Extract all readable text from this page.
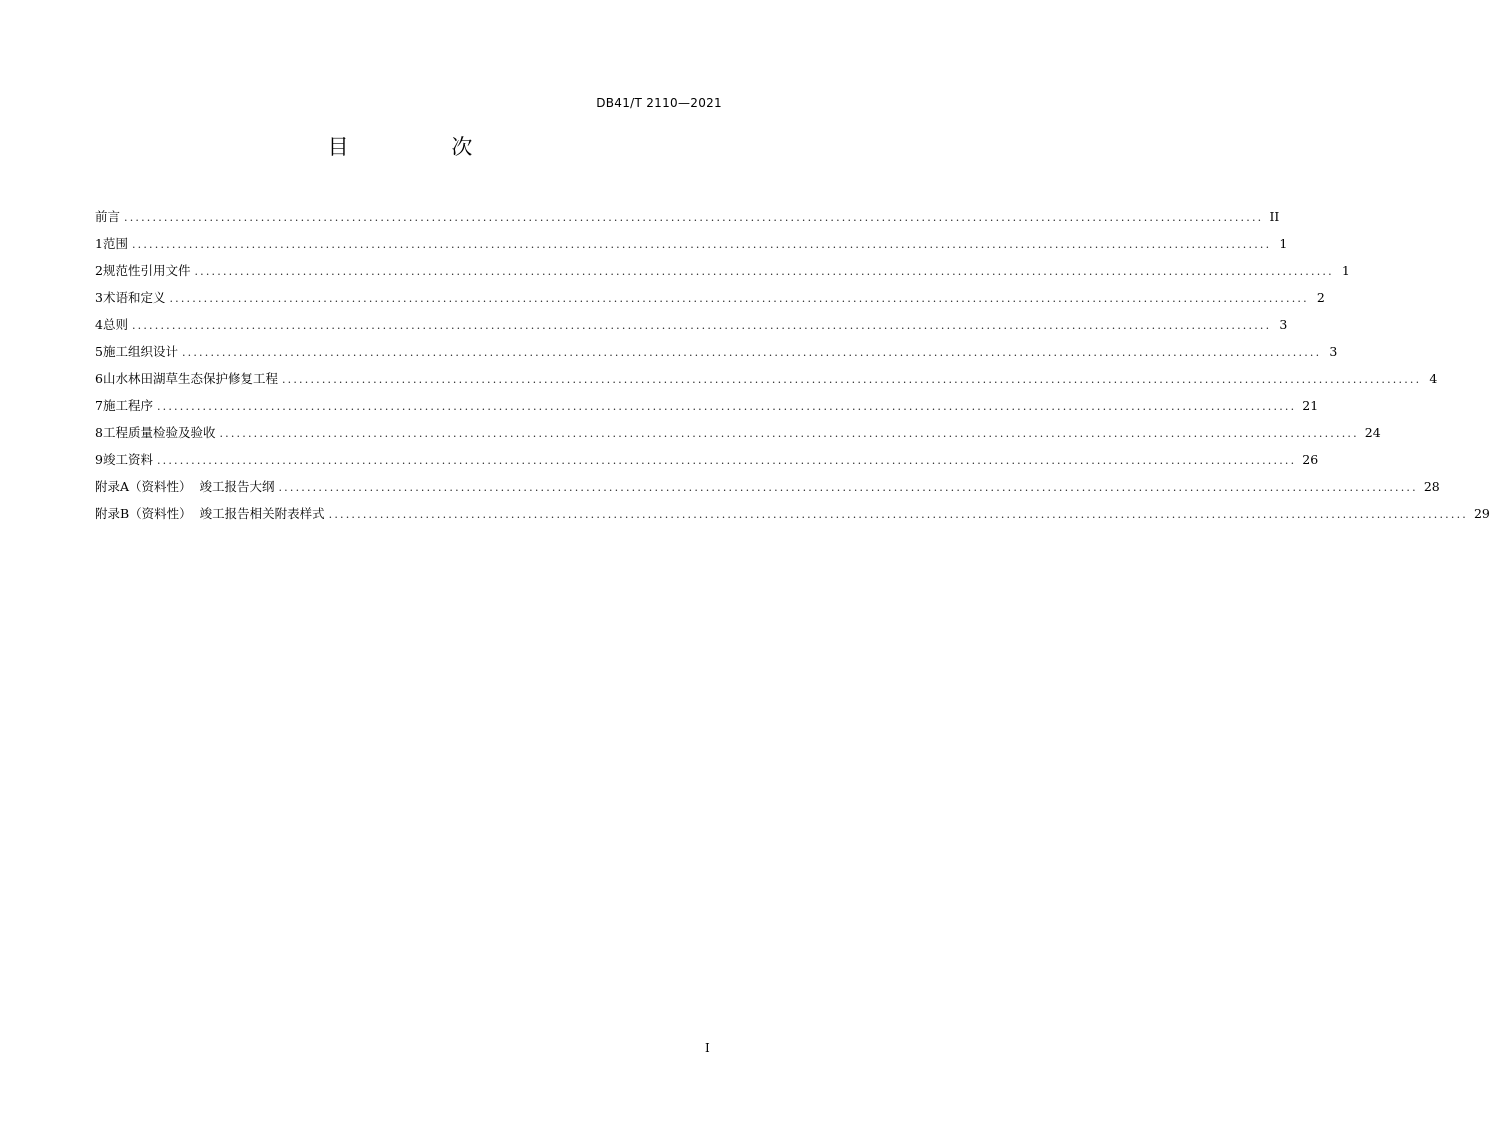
DB41/T 2110—2021
目 次
前言 ........................................................................................................................................................................................................ II
1 范围 ........................................................................................................................................................................................................ 1
2 规范性引用文件 ........................................................................................................................................................................................................ 1
3 术语和定义 ........................................................................................................................................................................................................ 2
4 总则 ........................................................................................................................................................................................................ 3
5 施工组织设计 ........................................................................................................................................................................................................ 3
6 山水林田湖草生态保护修复工程 ........................................................................................................................................................................................................ 4
7 施工程序 ........................................................................................................................................................................................................ 21
8 工程质量检验及验收 ........................................................................................................................................................................................................ 24
9 竣工资料 ........................................................................................................................................................................................................ 26
附录A（资料性）  竣工报告大纲 ........................................................................................................................................................................................................ 28
附录B（资料性）  竣工报告相关附表样式 ........................................................................................................................................................................................................ 29
I
